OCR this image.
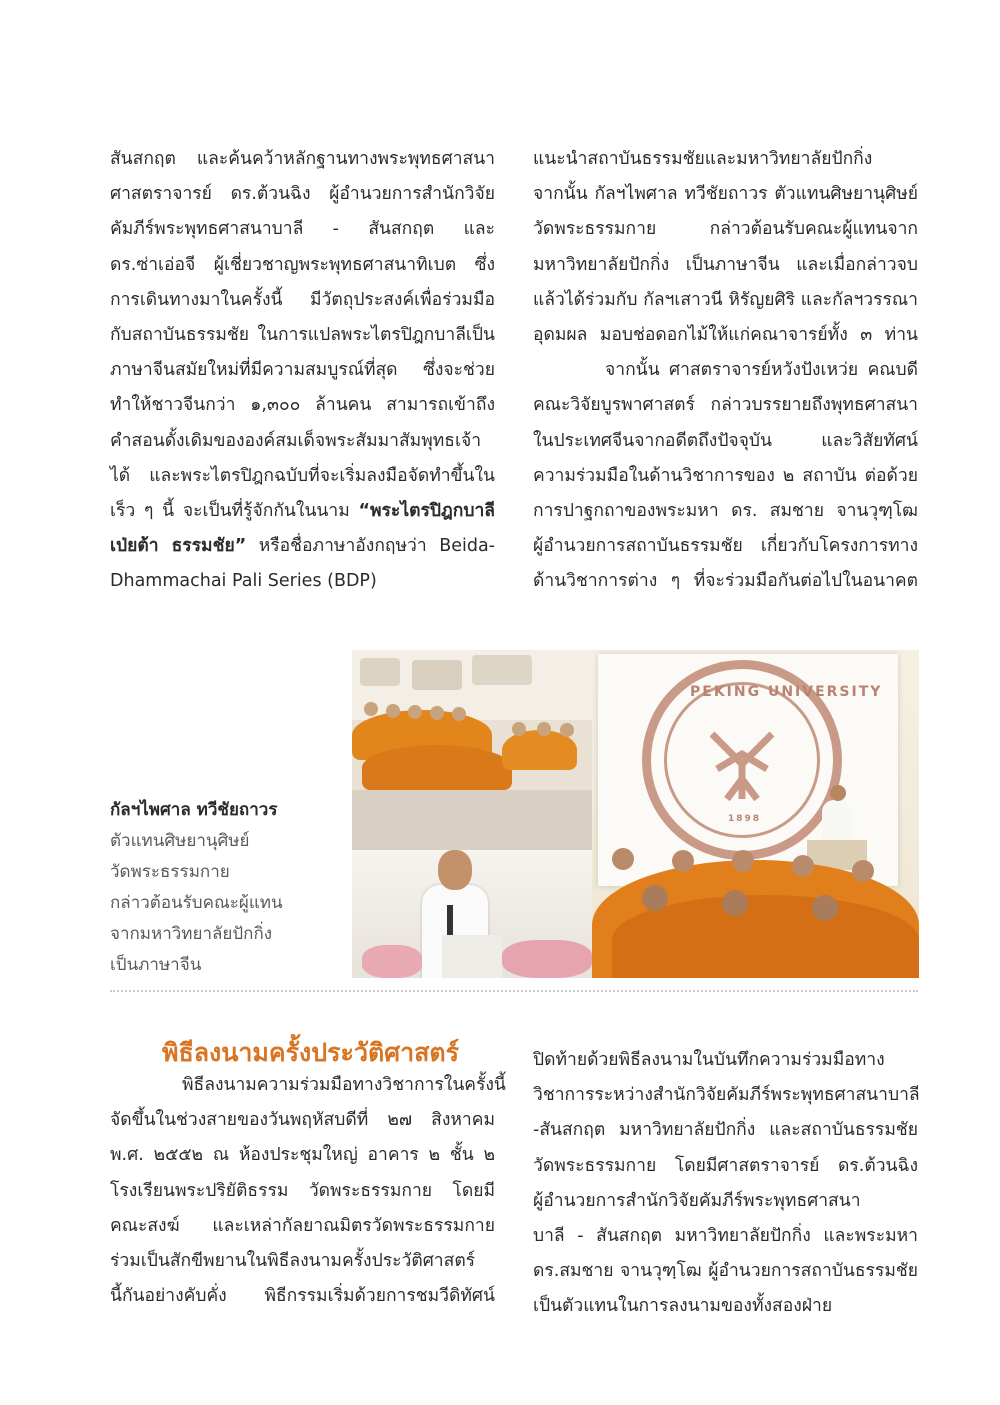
สันสกฤต และค้นคว้าหลักฐานทางพระพุทธศาสนา
ศาสตราจารย์ ดร.ต้วนฉิง ผู้อำนวยการสำนักวิจัย
คัมภีร์พระพุทธศาสนาบาลี - สันสกฤต และ
ดร.ซ่าเอ่อจี ผู้เชี่ยวชาญพระพุทธศาสนาทิเบต ซึ่ง
การเดินทางมาในครั้งนี้ มีวัตถุประสงค์เพื่อร่วมมือ
กับสถาบันธรรมชัย ในการแปลพระไตรปิฎกบาลีเป็น
ภาษาจีนสมัยใหม่ที่มีความสมบูรณ์ที่สุด ซึ่งจะช่วย
ทำให้ชาวจีนกว่า ๑,๓๐๐ ล้านคน สามารถเข้าถึง
คำสอนดั้งเดิมขององค์สมเด็จพระสัมมาสัมพุทธเจ้า
ได้ และพระไตรปิฎกฉบับที่จะเริ่มลงมือจัดทำขึ้นใน
เร็ว ๆ นี้ จะเป็นที่รู้จักกันในนาม “พระไตรปิฎกบาลี
เป่ยต้า ธรรมชัย” หรือชื่อภาษาอังกฤษว่า Beida-
Dhammachai Pali Series (BDP)
แนะนำสถาบันธรรมชัยและมหาวิทยาลัยปักกิ่ง
จากนั้น กัลฯไพศาล ทวีชัยถาวร ตัวแทนศิษยานุศิษย์
วัดพระธรรมกาย กล่าวต้อนรับคณะผู้แทนจาก
มหาวิทยาลัยปักกิ่ง เป็นภาษาจีน และเมื่อกล่าวจบ
แล้วได้ร่วมกับ กัลฯเสาวนี หิรัญยศิริ และกัลฯวรรณา
อุดมผล มอบช่อดอกไม้ให้แก่คณาจารย์ทั้ง ๓ ท่าน
จากนั้น ศาสตราจารย์หวังปังเหว่ย คณบดี
คณะวิจัยบูรพาศาสตร์ กล่าวบรรยายถึงพุทธศาสนา
ในประเทศจีนจากอดีตถึงปัจจุบัน และวิสัยทัศน์
ความร่วมมือในด้านวิชาการของ ๒ สถาบัน ต่อด้วย
การปาฐกถาของพระมหา ดร. สมชาย จานวุฑฺโฒ
ผู้อำนวยการสถาบันธรรมชัย เกี่ยวกับโครงการทาง
ด้านวิชาการต่าง ๆ ที่จะร่วมมือกันต่อไปในอนาคต
PEKING UNIVERSITY
1898
กัลฯไพศาล ทวีชัยถาวร
ตัวแทนศิษยานุศิษย์
วัดพระธรรมกาย
กล่าวต้อนรับคณะผู้แทน
จากมหาวิทยาลัยปักกิ่ง
เป็นภาษาจีน
พิธีลงนามครั้งประวัติศาสตร์
พิธีลงนามความร่วมมือทางวิชาการในครั้งนี้
จัดขึ้นในช่วงสายของวันพฤหัสบดีที่ ๒๗ สิงหาคม
พ.ศ. ๒๕๕๒ ณ ห้องประชุมใหญ่ อาคาร ๒ ชั้น ๒
โรงเรียนพระปริยัติธรรม วัดพระธรรมกาย โดยมี
คณะสงฆ์ และเหล่ากัลยาณมิตรวัดพระธรรมกาย
ร่วมเป็นสักขีพยานในพิธีลงนามครั้งประวัติศาสตร์
นี้กันอย่างคับคั่ง พิธีกรรมเริ่มด้วยการชมวีดิทัศน์
ปิดท้ายด้วยพิธีลงนามในบันทึกความร่วมมือทาง
วิชาการระหว่างสำนักวิจัยคัมภีร์พระพุทธศาสนาบาลี
-สันสกฤต มหาวิทยาลัยปักกิ่ง และสถาบันธรรมชัย
วัดพระธรรมกาย โดยมีศาสตราจารย์ ดร.ต้วนฉิง
ผู้อำนวยการสำนักวิจัยคัมภีร์พระพุทธศาสนา
บาลี - สันสกฤต มหาวิทยาลัยปักกิ่ง และพระมหา
ดร.สมชาย จานวุฑฺโฒ ผู้อำนวยการสถาบันธรรมชัย
เป็นตัวแทนในการลงนามของทั้งสองฝ่าย
